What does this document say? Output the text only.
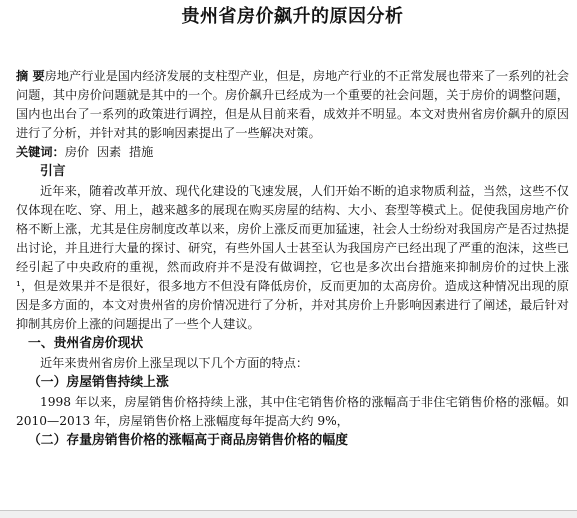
贵州省房价飙升的原因分析

摘 要房地产行业是国内经济发展的支柱型产业，但是，房地产行业的不正常发展也带来了一系列的社会问题，其中房价问题就是其中的一个。房价飙升已经成为一个重要的社会问题，关于房价的调整问题，国内也出台了一系列的政策进行调控，但是从目前来看，成效并不明显。本文对贵州省房价飙升的原因进行了分析，并针对其的影响因素提出了一些解决对策。

关键词：房价  因素  措施

引言

近年来，随着改革开放、现代化建设的飞速发展，人们开始不断的追求物质利益，当然，这些不仅仅体现在吃、穿、用上，越来越多的展现在购买房屋的结构、大小、套型等模式上。促使我国房地产价格不断上涨，尤其是住房制度改革以来，房价上涨反而更加猛速，社会人士纷纷对我国房产是否过热提出讨论，并且进行大量的探讨、研究，有些外国人士甚至认为我国房产已经出现了严重的泡沫，这些已经引起了中央政府的重视，然而政府并不是没有做调控，它也是多次出台措施来抑制房价的过快上涨¹，但是效果并不是很好，很多地方不但没有降低房价，反而更加的太高房价。造成这种情况出现的原因是多方面的，本文对贵州省的房价情况进行了分析，并对其房价上升影响因素进行了阐述，最后针对抑制其房价上涨的问题提出了一些个人建议。

一、贵州省房价现状

近年来贵州省房价上涨呈现以下几个方面的特点：

（一）房屋销售持续上涨

1998 年以来，房屋销售价格持续上涨，其中住宅销售价格的涨幅高于非住宅销售价格的涨幅。如 2010—2013 年，房屋销售价格上涨幅度每年提高大约 9%，

（二）存量房销售价格的涨幅高于商品房销售价格的幅度
